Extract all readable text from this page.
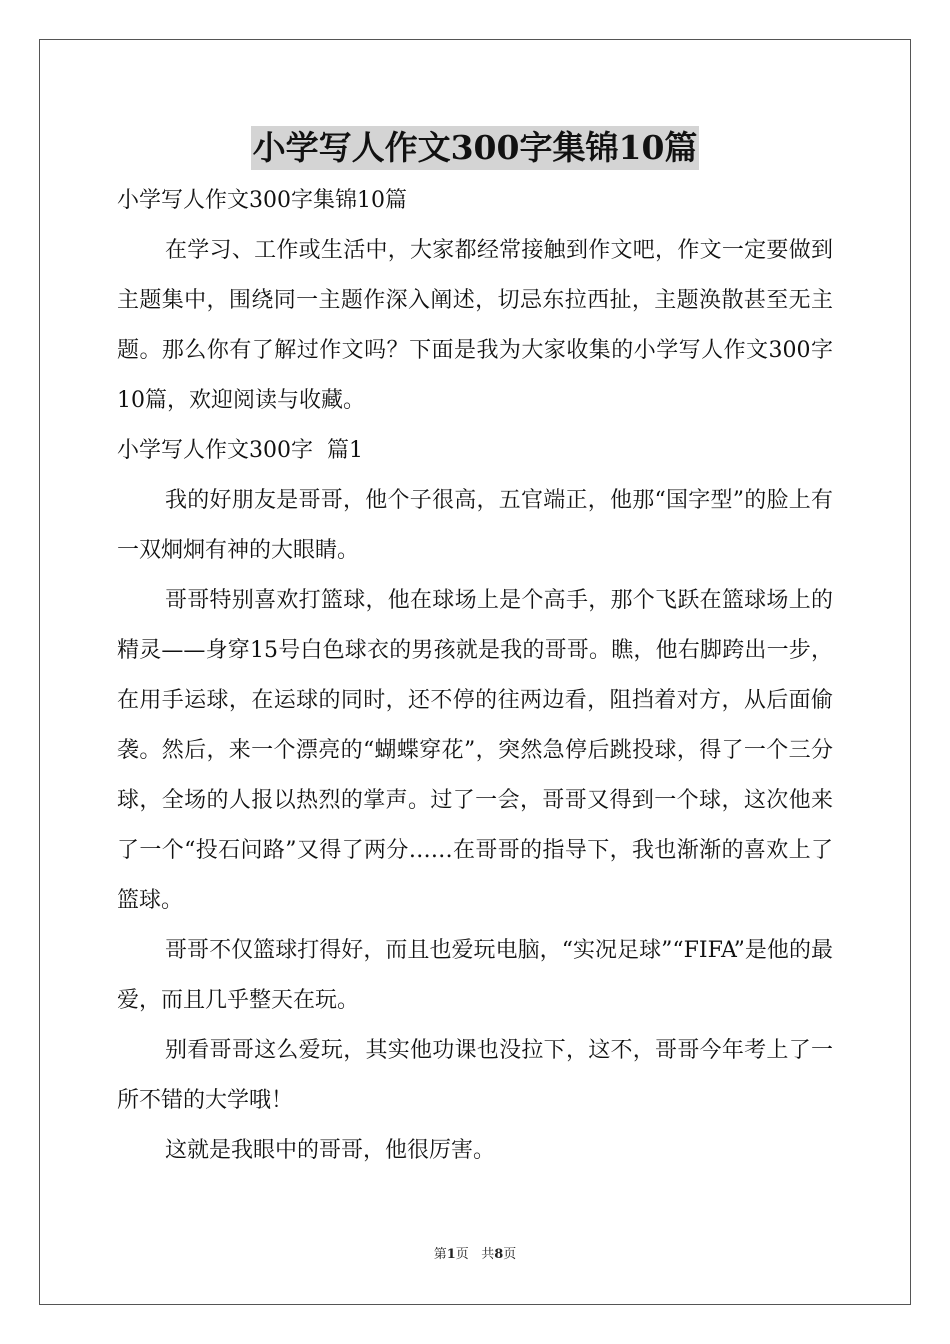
小学写人作文300字集锦10篇

小学写人作文300字集锦10篇

在学习、工作或生活中，大家都经常接触到作文吧，作文一定要做到主题集中，围绕同一主题作深入阐述，切忌东拉西扯，主题涣散甚至无主题。那么你有了解过作文吗？下面是我为大家收集的小学写人作文300字10篇，欢迎阅读与收藏。

小学写人作文300字  篇1

我的好朋友是哥哥，他个子很高，五官端正，他那“国字型”的脸上有一双炯炯有神的大眼睛。

哥哥特别喜欢打篮球，他在球场上是个高手，那个飞跃在篮球场上的精灵——身穿15号白色球衣的男孩就是我的哥哥。瞧，他右脚跨出一步，在用手运球，在运球的同时，还不停的往两边看，阻挡着对方，从后面偷袭。然后，来一个漂亮的“蝴蝶穿花”，突然急停后跳投球，得了一个三分球，全场的人报以热烈的掌声。过了一会，哥哥又得到一个球，这次他来了一个“投石问路”又得了两分……在哥哥的指导下，我也渐渐的喜欢上了篮球。

哥哥不仅篮球打得好，而且也爱玩电脑，“实况足球”“FIFA”是他的最爱，而且几乎整天在玩。

别看哥哥这么爱玩，其实他功课也没拉下，这不，哥哥今年考上了一所不错的大学哦！

这就是我眼中的哥哥，他很厉害。

第1页 共8页
